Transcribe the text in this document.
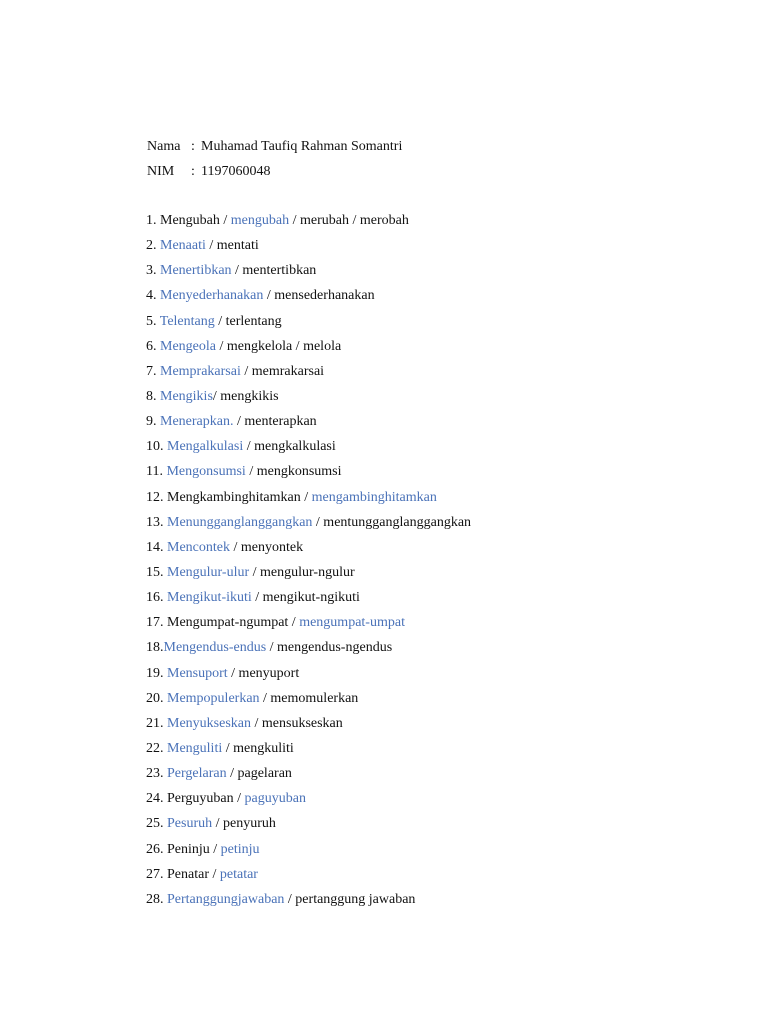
Nama : Muhamad Taufiq Rahman Somantri
NIM : 1197060048
1. Mengubah / mengubah / merubah / merobah
2. Menaati / mentati
3. Menertibkan / mentertibkan
4. Menyederhanakan / mensederhanakan
5. Telentang / terlentang
6. Mengeola / mengkelola / melola
7. Memprakarsai / memrakarsai
8. Mengikis/ mengkikis
9. Menerapkan. / menterapkan
10. Mengalkulasi / mengkalkulasi
11. Mengonsumsi / mengkonsumsi
12. Mengkambinghitamkan / mengambinghitamkan
13. Menungganglanggangkan / mentungganglanggangkan
14. Mencontek / menyontek
15. Mengulur-ulur / mengulur-ngulur
16. Mengikut-ikuti / mengikut-ngikuti
17. Mengumpat-ngumpat / mengumpat-umpat
18.Mengendus-endus / mengendus-ngendus
19. Mensuport / menyuport
20. Mempopulerkan / memomulerkan
21. Menyukseskan / mensukseskan
22. Menguliti / mengkuliti
23. Pergelaran / pagelaran
24. Perguyuban / paguyuban
25. Pesuruh / penyuruh
26. Peninju / petinju
27. Penatar / petatar
28. Pertanggungjawaban / pertanggung jawaban
